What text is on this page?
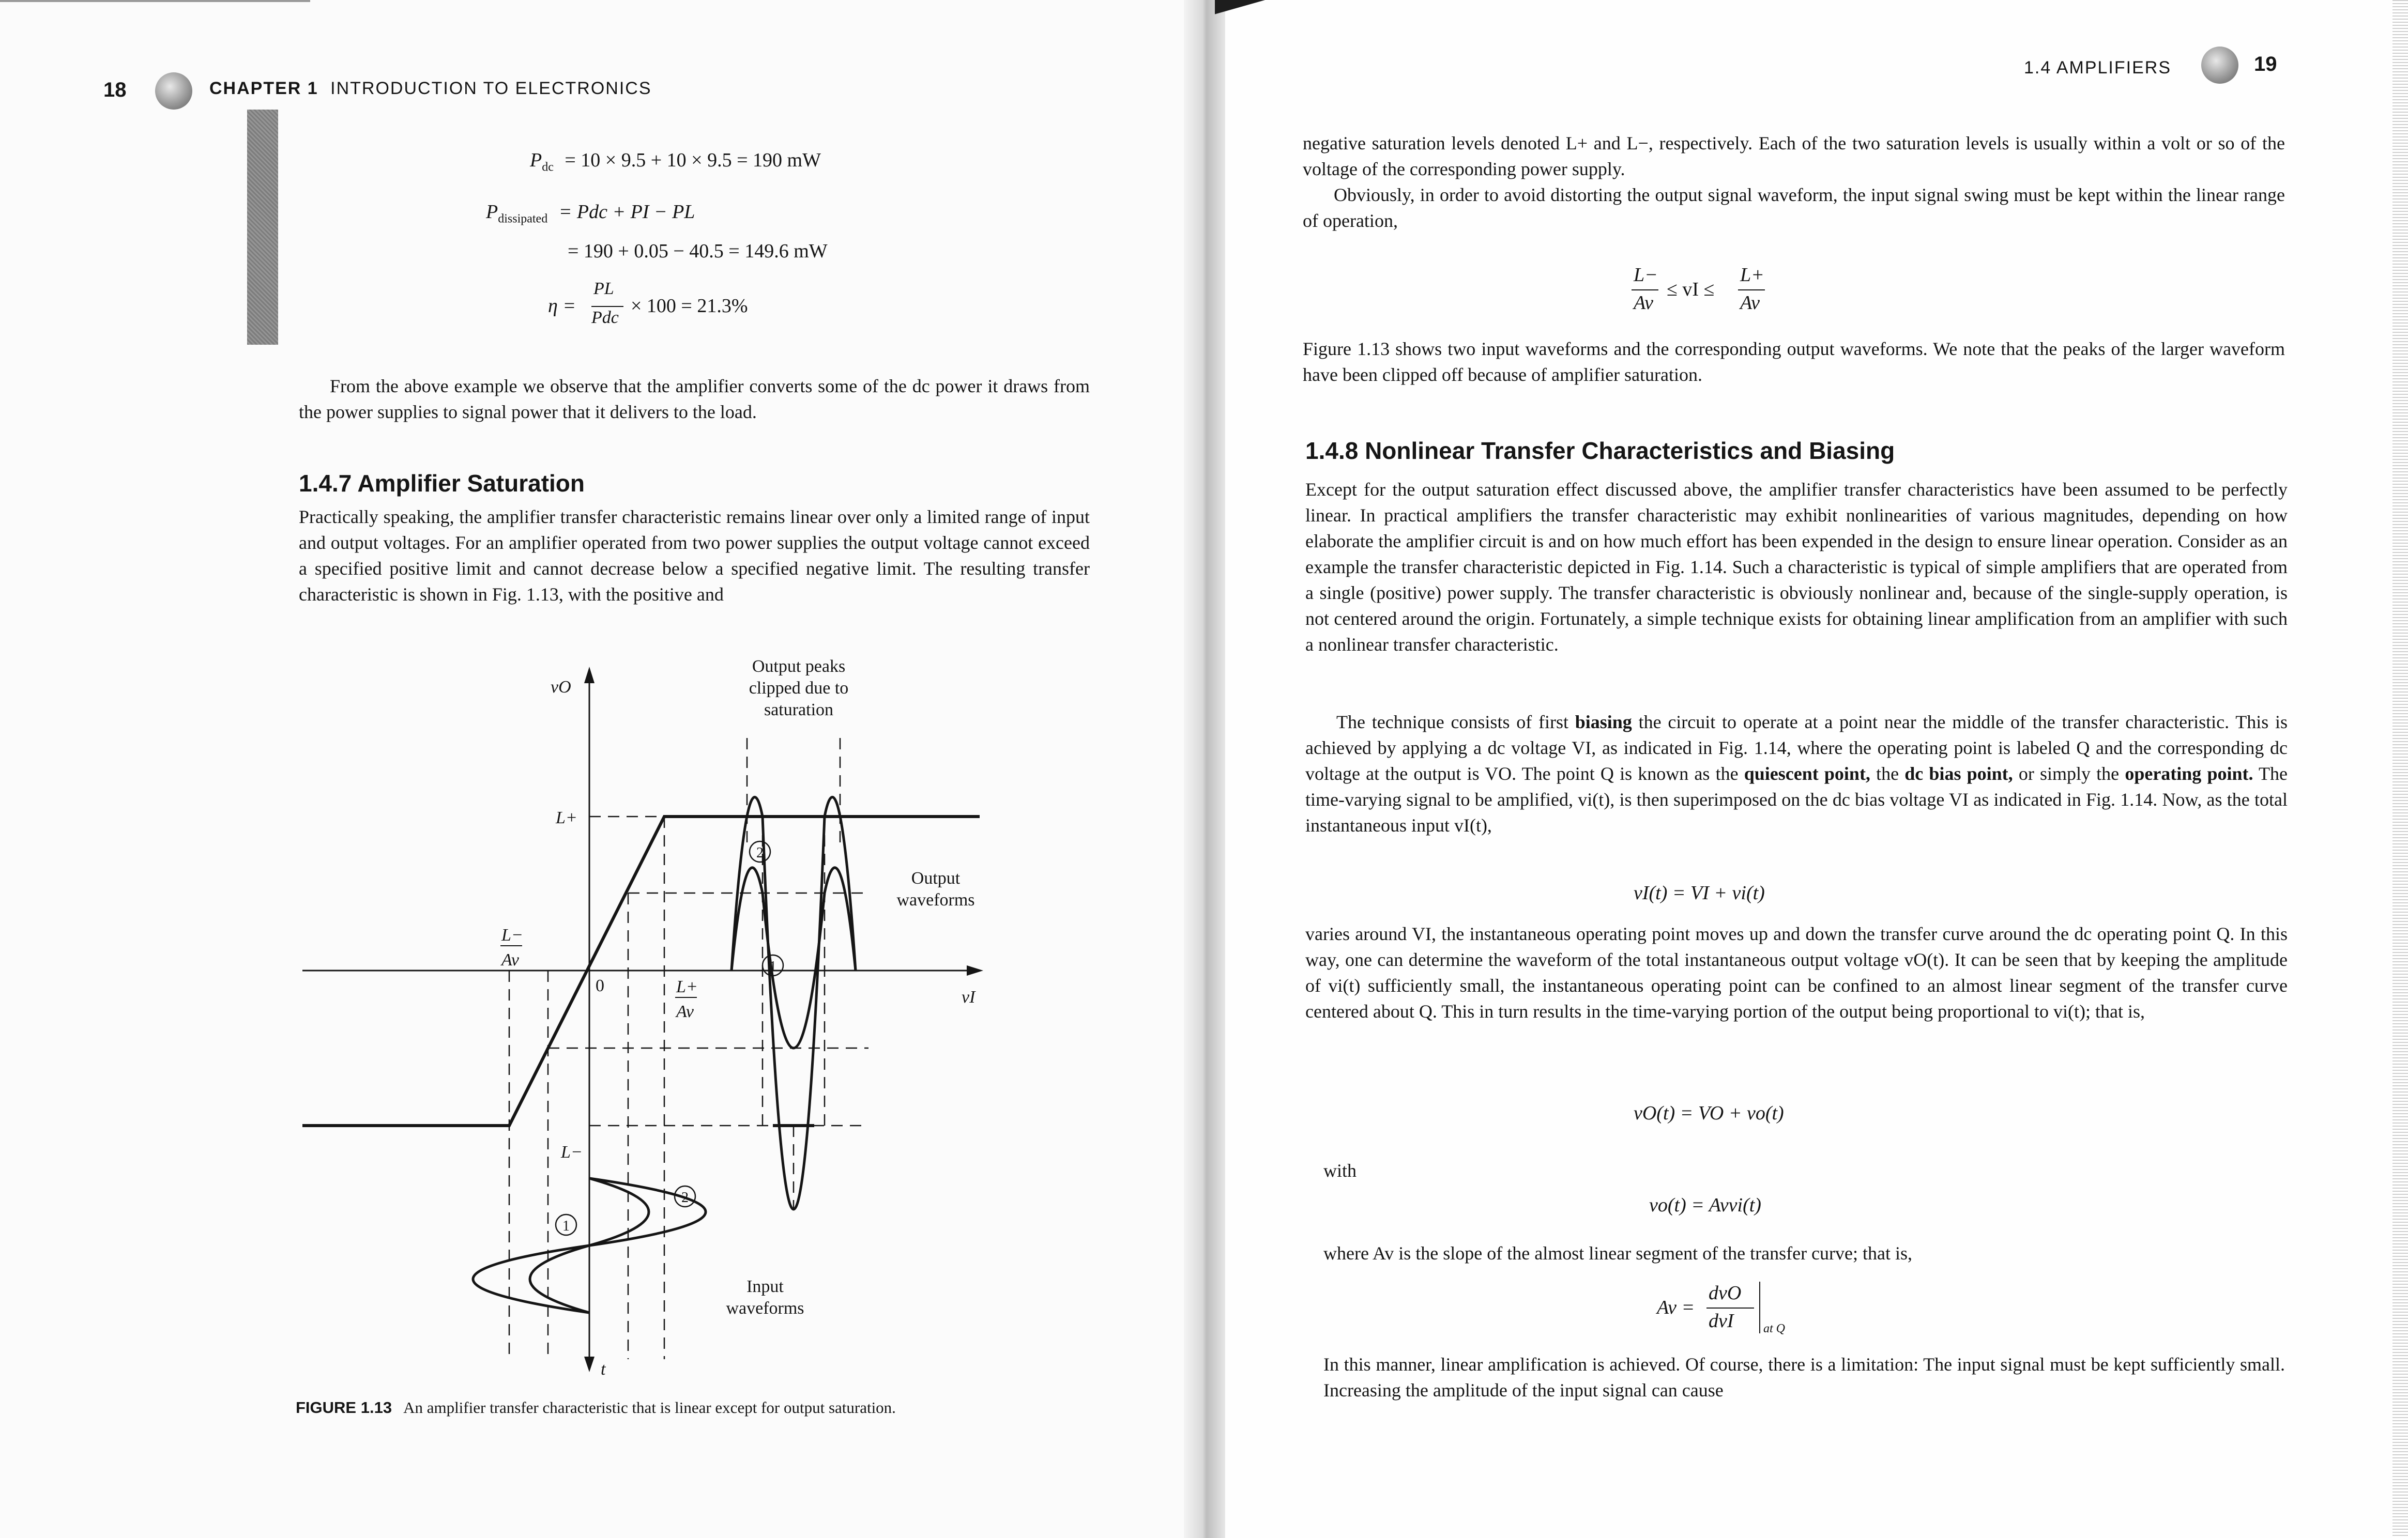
18	CHAPTER 1 INTRODUCTION TO ELECTRONICS
$P_{dc} = 10 \times 9.5 + 10 \times 9.5 = 190$ mW
$P_{dissipated}$ = Pdc + PI − PL
= 190 + 0.05 − 40.5 = 149.6 mW
η =
PL
Pdc
× 100 = 21.3%

From the above example we observe that the amplifier converts some of the dc power it draws from the power supplies to signal power that it delivers to the load.

1.4.7 Amplifier Saturation

Practically speaking, the amplifier transfer characteristic remains linear over only a limited range of input and output voltages. For an amplifier operated from two power supplies the output voltage cannot exceed a specified positive limit and cannot decrease below a specified negative limit. The resulting transfer characteristic is shown in Fig. 1.13, with the positive and

2
1
2
1
vO
vI
t
0
L+
L−
L−
Av
L+
Av
Output peaks
clipped due to
saturation
Output
waveforms
Input
waveforms
FIGURE 1.13 An amplifier transfer characteristic that is linear except for output saturation.
1.4 AMPLIFIERS	19

negative saturation levels denoted L+ and L−, respectively. Each of the two saturation levels is usually within a volt or so of the voltage of the corresponding power supply.

Obviously, in order to avoid distorting the output signal waveform, the input signal swing must be kept within the linear range of operation,

L−
Av
≤ vI ≤
L+
Av

Figure 1.13 shows two input waveforms and the corresponding output waveforms. We note that the peaks of the larger waveform have been clipped off because of amplifier saturation.

1.4.8 Nonlinear Transfer Characteristics and Biasing

Except for the output saturation effect discussed above, the amplifier transfer characteristics have been assumed to be perfectly linear. In practical amplifiers the transfer characteristic may exhibit nonlinearities of various magnitudes, depending on how elaborate the amplifier circuit is and on how much effort has been expended in the design to ensure linear operation. Consider as an example the transfer characteristic depicted in Fig. 1.14. Such a characteristic is typical of simple amplifiers that are operated from a single (positive) power supply. The transfer characteristic is obviously nonlinear and, because of the single-supply operation, is not centered around the origin. Fortunately, a simple technique exists for obtaining linear amplification from an amplifier with such a nonlinear transfer characteristic.

The technique consists of first biasing the circuit to operate at a point near the middle of the transfer characteristic. This is achieved by applying a dc voltage VI, as indicated in Fig. 1.14, where the operating point is labeled Q and the corresponding dc voltage at the output is VO. The point Q is known as the quiescent point, the dc bias point, or simply the operating point. The time-varying signal to be amplified, vi(t), is then superimposed on the dc bias voltage VI as indicated in Fig. 1.14. Now, as the total instantaneous input vI(t),

vI(t) = VI + vi(t)

varies around VI, the instantaneous operating point moves up and down the transfer curve around the dc operating point Q. In this way, one can determine the waveform of the total instantaneous output voltage vO(t). It can be seen that by keeping the amplitude of vi(t) sufficiently small, the instantaneous operating point can be confined to an almost linear segment of the transfer curve centered about Q. This in turn results in the time-varying portion of the output being proportional to vi(t); that is,

vO(t) = VO + vo(t)
with
vo(t) = Avvi(t)

where Av is the slope of the almost linear segment of the transfer curve; that is,

Av =
dvO
dvI at Q

In this manner, linear amplification is achieved. Of course, there is a limitation: The input signal must be kept sufficiently small. Increasing the amplitude of the input signal can cause
